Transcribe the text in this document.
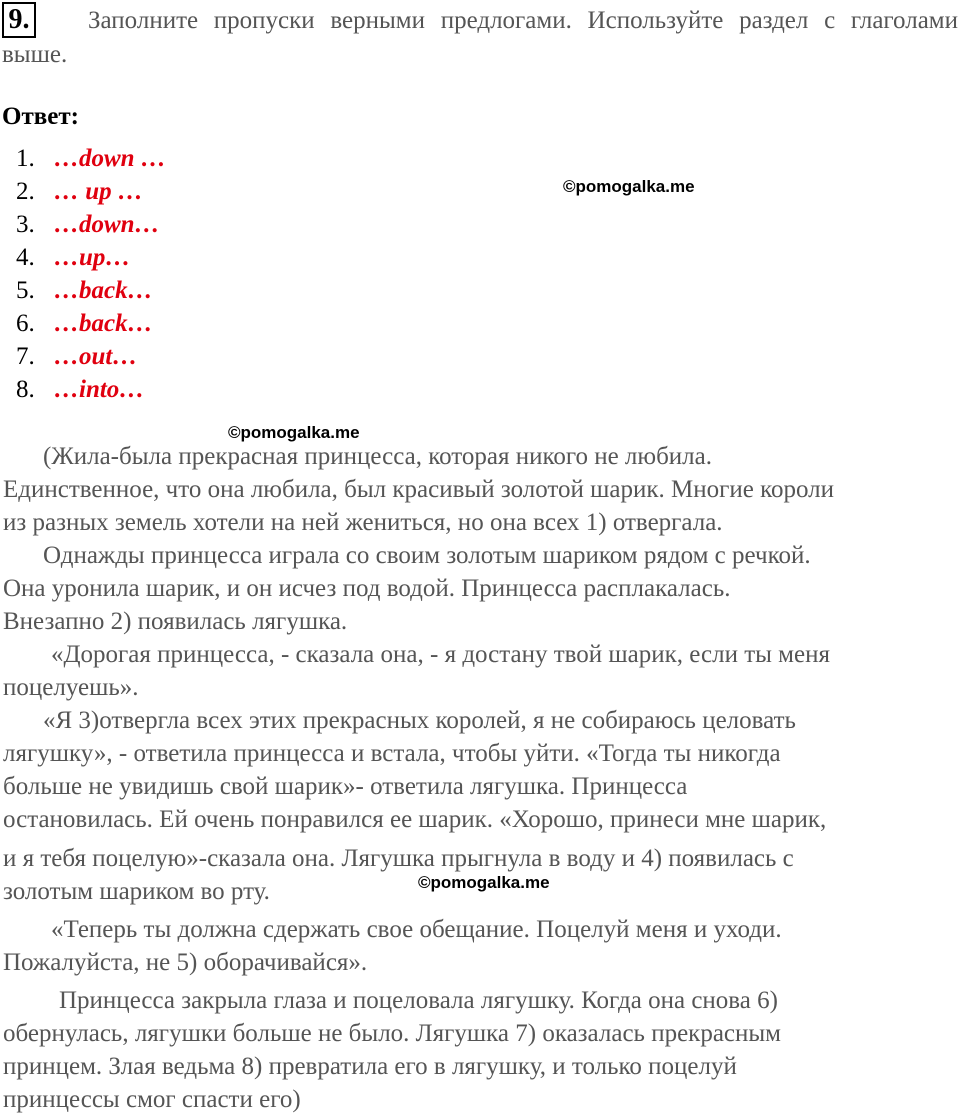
9.	Заполните пропуски верными предлогами. Используйте раздел с глаголами выше.
Ответ:
1. …down …
2. … up …
3. …down…
4. …up…
5. …back…
6. …back…
7. …out…
8. …into…
©pomogalka.me
©pomogalka.me
©pomogalka.me

(Жила-была прекрасная принцесса, которая никого не любила.

Единственное, что она любила, был красивый золотой шарик. Многие короли

из разных земель хотели на ней жениться, но она всех 1) отвергала.

Однажды принцесса играла со своим золотым шариком рядом с речкой.

Она уронила шарик, и он исчез под водой. Принцесса расплакалась.

Внезапно 2) появилась лягушка.

«Дорогая принцесса, - сказала она, - я достану твой шарик, если ты меня

поцелуешь».

«Я 3)отвергла всех этих прекрасных королей, я не собираюсь целовать

лягушку», - ответила принцесса и встала, чтобы уйти. «Тогда ты никогда

больше не увидишь свой шарик»- ответила лягушка. Принцесса

остановилась. Ей очень понравился ее шарик. «Хорошо, принеси мне шарик,

и я тебя поцелую»-сказала она. Лягушка прыгнула в воду и 4) появилась с

золотым шариком во рту.

«Теперь ты должна сдержать свое обещание. Поцелуй меня и уходи.

Пожалуйста, не 5) оборачивайся».

Принцесса закрыла глаза и поцеловала лягушку. Когда она снова 6)

обернулась, лягушки больше не было. Лягушка 7) оказалась прекрасным

принцем. Злая ведьма 8) превратила его в лягушку, и только поцелуй

принцессы смог спасти его)
